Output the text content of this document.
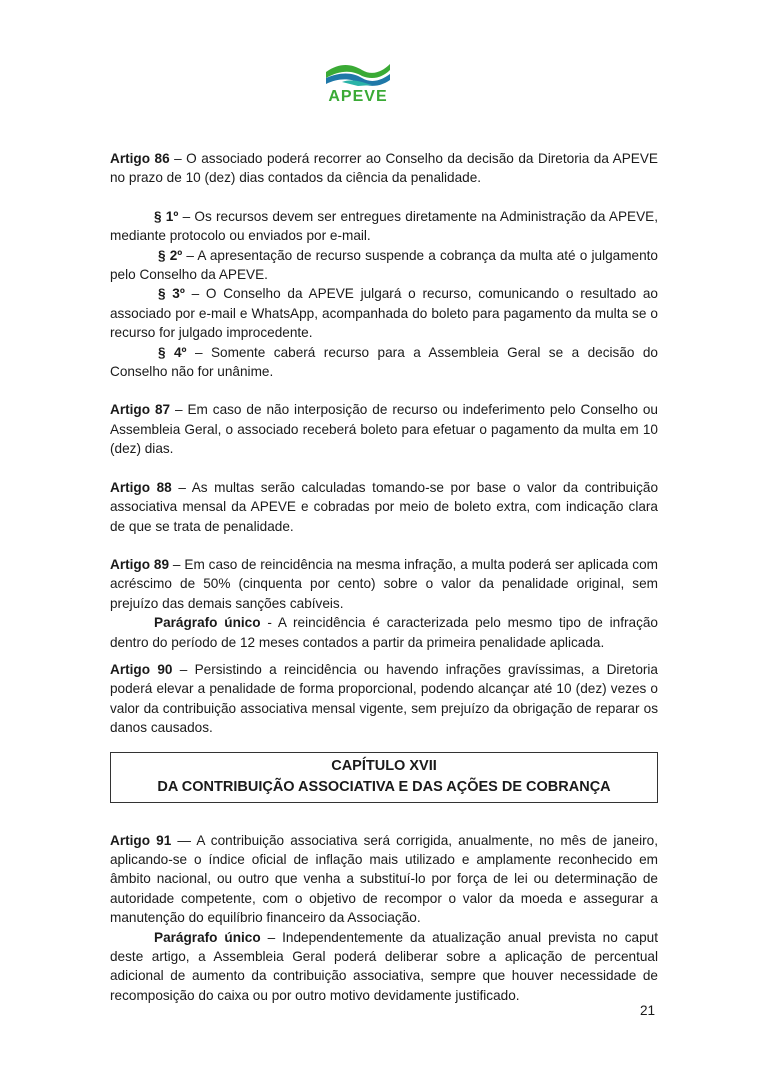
APEVE

Artigo 86 – O associado poderá recorrer ao Conselho da decisão da Diretoria da APEVE no prazo de 10 (dez) dias contados da ciência da penalidade.

§ 1º – Os recursos devem ser entregues diretamente na Administração da APEVE, mediante protocolo ou enviados por e-mail.

§ 2º – A apresentação de recurso suspende a cobrança da multa até o julgamento pelo Conselho da APEVE.

§ 3º – O Conselho da APEVE julgará o recurso, comunicando o resultado ao associado por e-mail e WhatsApp, acompanhada do boleto para pagamento da multa se o recurso for julgado improcedente.

§ 4º – Somente caberá recurso para a Assembleia Geral se a decisão do Conselho não for unânime.

Artigo 87 – Em caso de não interposição de recurso ou indeferimento pelo Conselho ou Assembleia Geral, o associado receberá boleto para efetuar o pagamento da multa em 10 (dez) dias.

Artigo 88 – As multas serão calculadas tomando-se por base o valor da contribuição associativa mensal da APEVE e cobradas por meio de boleto extra, com indicação clara de que se trata de penalidade.

Artigo 89 – Em caso de reincidência na mesma infração, a multa poderá ser aplicada com acréscimo de 50% (cinquenta por cento) sobre o valor da penalidade original, sem prejuízo das demais sanções cabíveis.

Parágrafo único - A reincidência é caracterizada pelo mesmo tipo de infração dentro do período de 12 meses contados a partir da primeira penalidade aplicada.

Artigo 90 – Persistindo a reincidência ou havendo infrações gravíssimas, a Diretoria poderá elevar a penalidade de forma proporcional, podendo alcançar até 10 (dez) vezes o valor da contribuição associativa mensal vigente, sem prejuízo da obrigação de reparar os danos causados.

CAPÍTULO XVII
DA CONTRIBUIÇÃO ASSOCIATIVA E DAS AÇÕES DE COBRANÇA

Artigo 91 — A contribuição associativa será corrigida, anualmente, no mês de janeiro, aplicando-se o índice oficial de inflação mais utilizado e amplamente reconhecido em âmbito nacional, ou outro que venha a substituí-lo por força de lei ou determinação de autoridade competente, com o objetivo de recompor o valor da moeda e assegurar a manutenção do equilíbrio financeiro da Associação.

Parágrafo único – Independentemente da atualização anual prevista no caput deste artigo, a Assembleia Geral poderá deliberar sobre a aplicação de percentual adicional de aumento da contribuição associativa, sempre que houver necessidade de recomposição do caixa ou por outro motivo devidamente justificado.

21
